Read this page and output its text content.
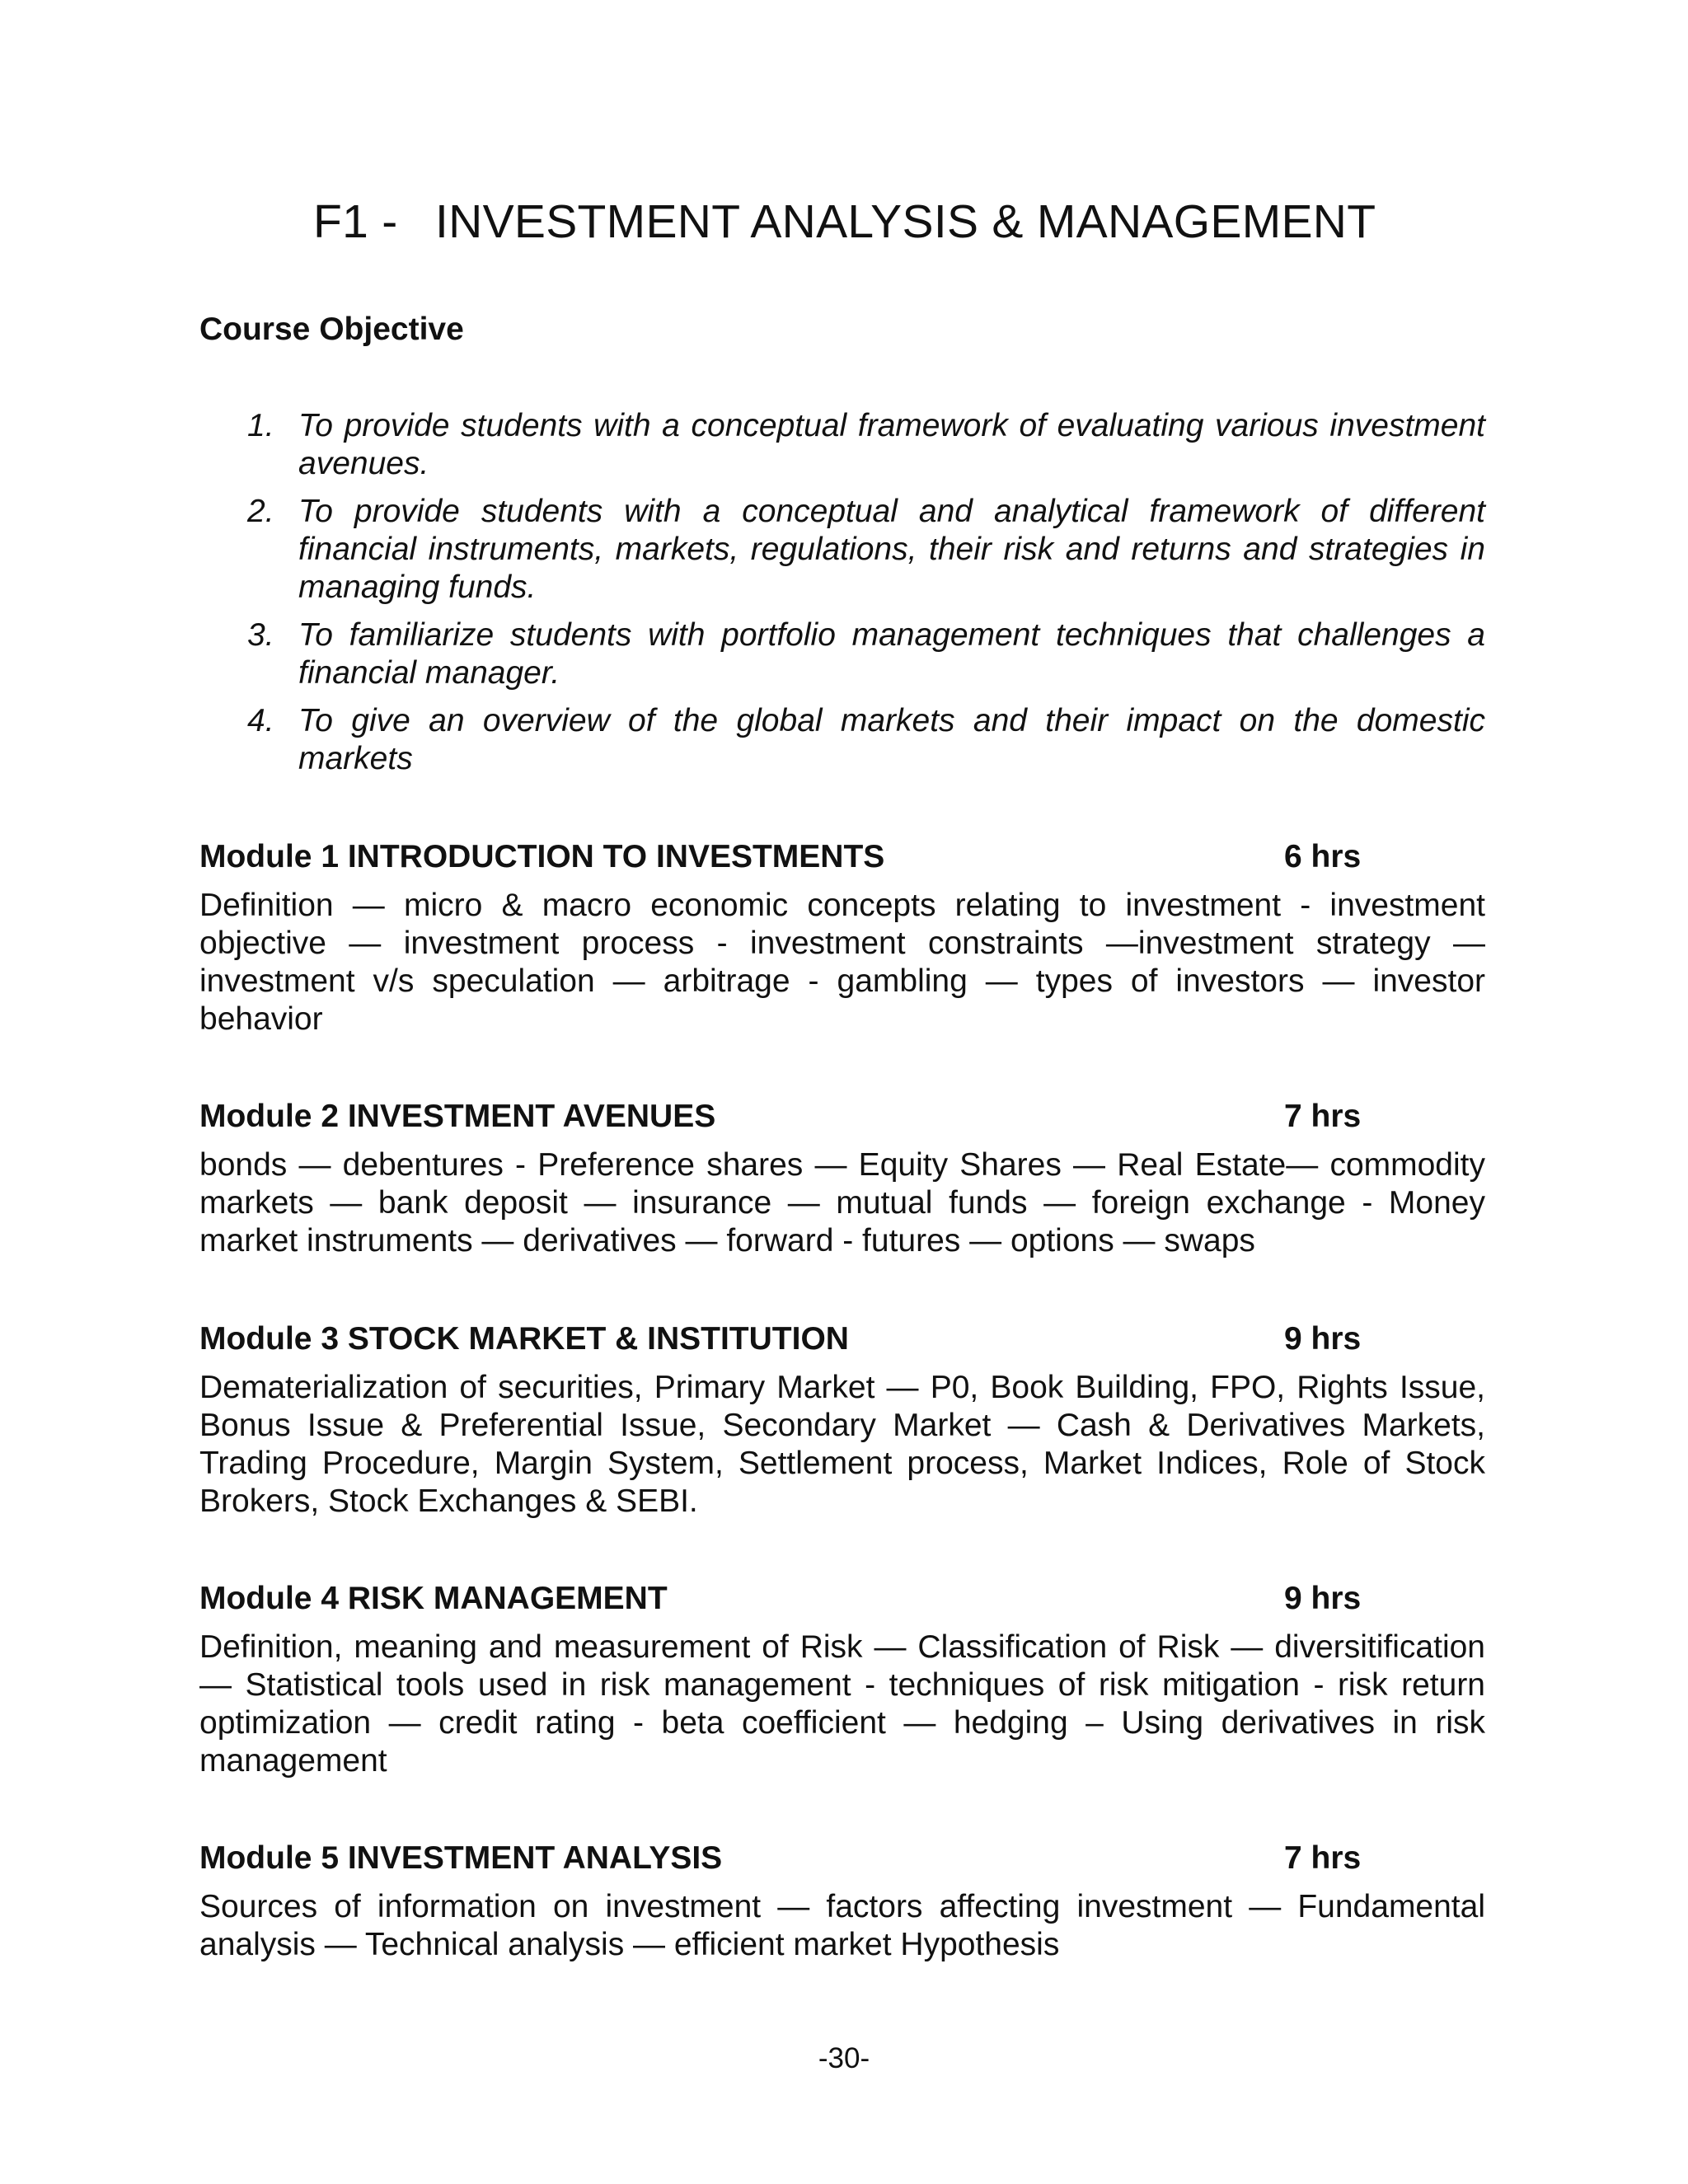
F1 - INVESTMENT ANALYSIS & MANAGEMENT
Course Objective
1. To provide students with a conceptual framework of evaluating various investment avenues.
2. To provide students with a conceptual and analytical framework of different financial instruments, markets, regulations, their risk and returns and strategies in managing funds.
3. To familiarize students with portfolio management techniques that challenges a financial manager.
4. To give an overview of the global markets and their impact on the domestic markets
Module 1 INTRODUCTION TO INVESTMENTS	6 hrs
Definition — micro & macro economic concepts relating to investment - investment objective — investment process - investment constraints —investment strategy — investment v/s speculation — arbitrage - gambling — types of investors — investor behavior
Module 2 INVESTMENT AVENUES	7 hrs
bonds — debentures - Preference shares — Equity Shares — Real Estate— commodity markets — bank deposit — insurance — mutual funds — foreign exchange - Money market instruments — derivatives — forward - futures — options — swaps
Module 3 STOCK MARKET & INSTITUTION	9 hrs
Dematerialization of securities, Primary Market — P0, Book Building, FPO, Rights Issue, Bonus Issue & Preferential Issue, Secondary Market — Cash & Derivatives Markets, Trading Procedure, Margin System, Settlement process, Market Indices, Role of Stock Brokers, Stock Exchanges & SEBI.
Module 4 RISK MANAGEMENT	9 hrs
Definition, meaning and measurement of Risk — Classification of Risk — diversitification — Statistical tools used in risk management - techniques of risk mitigation - risk return optimization — credit rating - beta coefficient — hedging – Using derivatives in risk management
Module 5 INVESTMENT ANALYSIS	7 hrs
Sources of information on investment — factors affecting investment — Fundamental analysis — Technical analysis — efficient market Hypothesis
-30-
